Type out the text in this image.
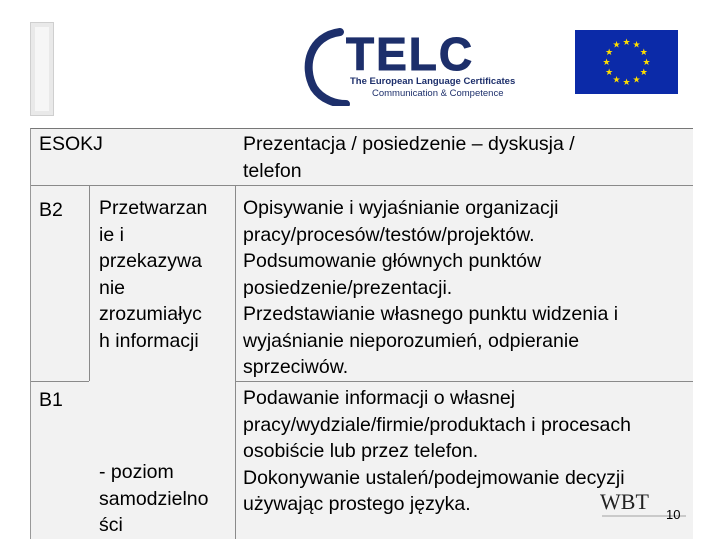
TELC
The European Language Certificates
Communication & Competence
★
★
★
★
★
★
★
★
★ ★ ★
★
ESOKJ	Prezentacja / posiedzenie – dyskusja /
telefon
B2 Przetwarzan
ie i
przekazywa
nie
zrozumiałyc
h informacji
Opisywanie i wyjaśnianie organizacji
pracy/procesów/testów/projektów.
Podsumowanie głównych punktów
posiedzenie/prezentacji.
Przedstawianie własnego punktu widzenia i
wyjaśnianie nieporozumień, odpieranie
sprzeciwów.
B1
- poziom
samodzielno
ści
Podawanie informacji o własnej
pracy/wydziale/firmie/produktach i procesach
osobiście lub przez telefon.
Dokonywanie ustaleń/podejmowanie decyzji
używając prostego języka.	WBT
10
